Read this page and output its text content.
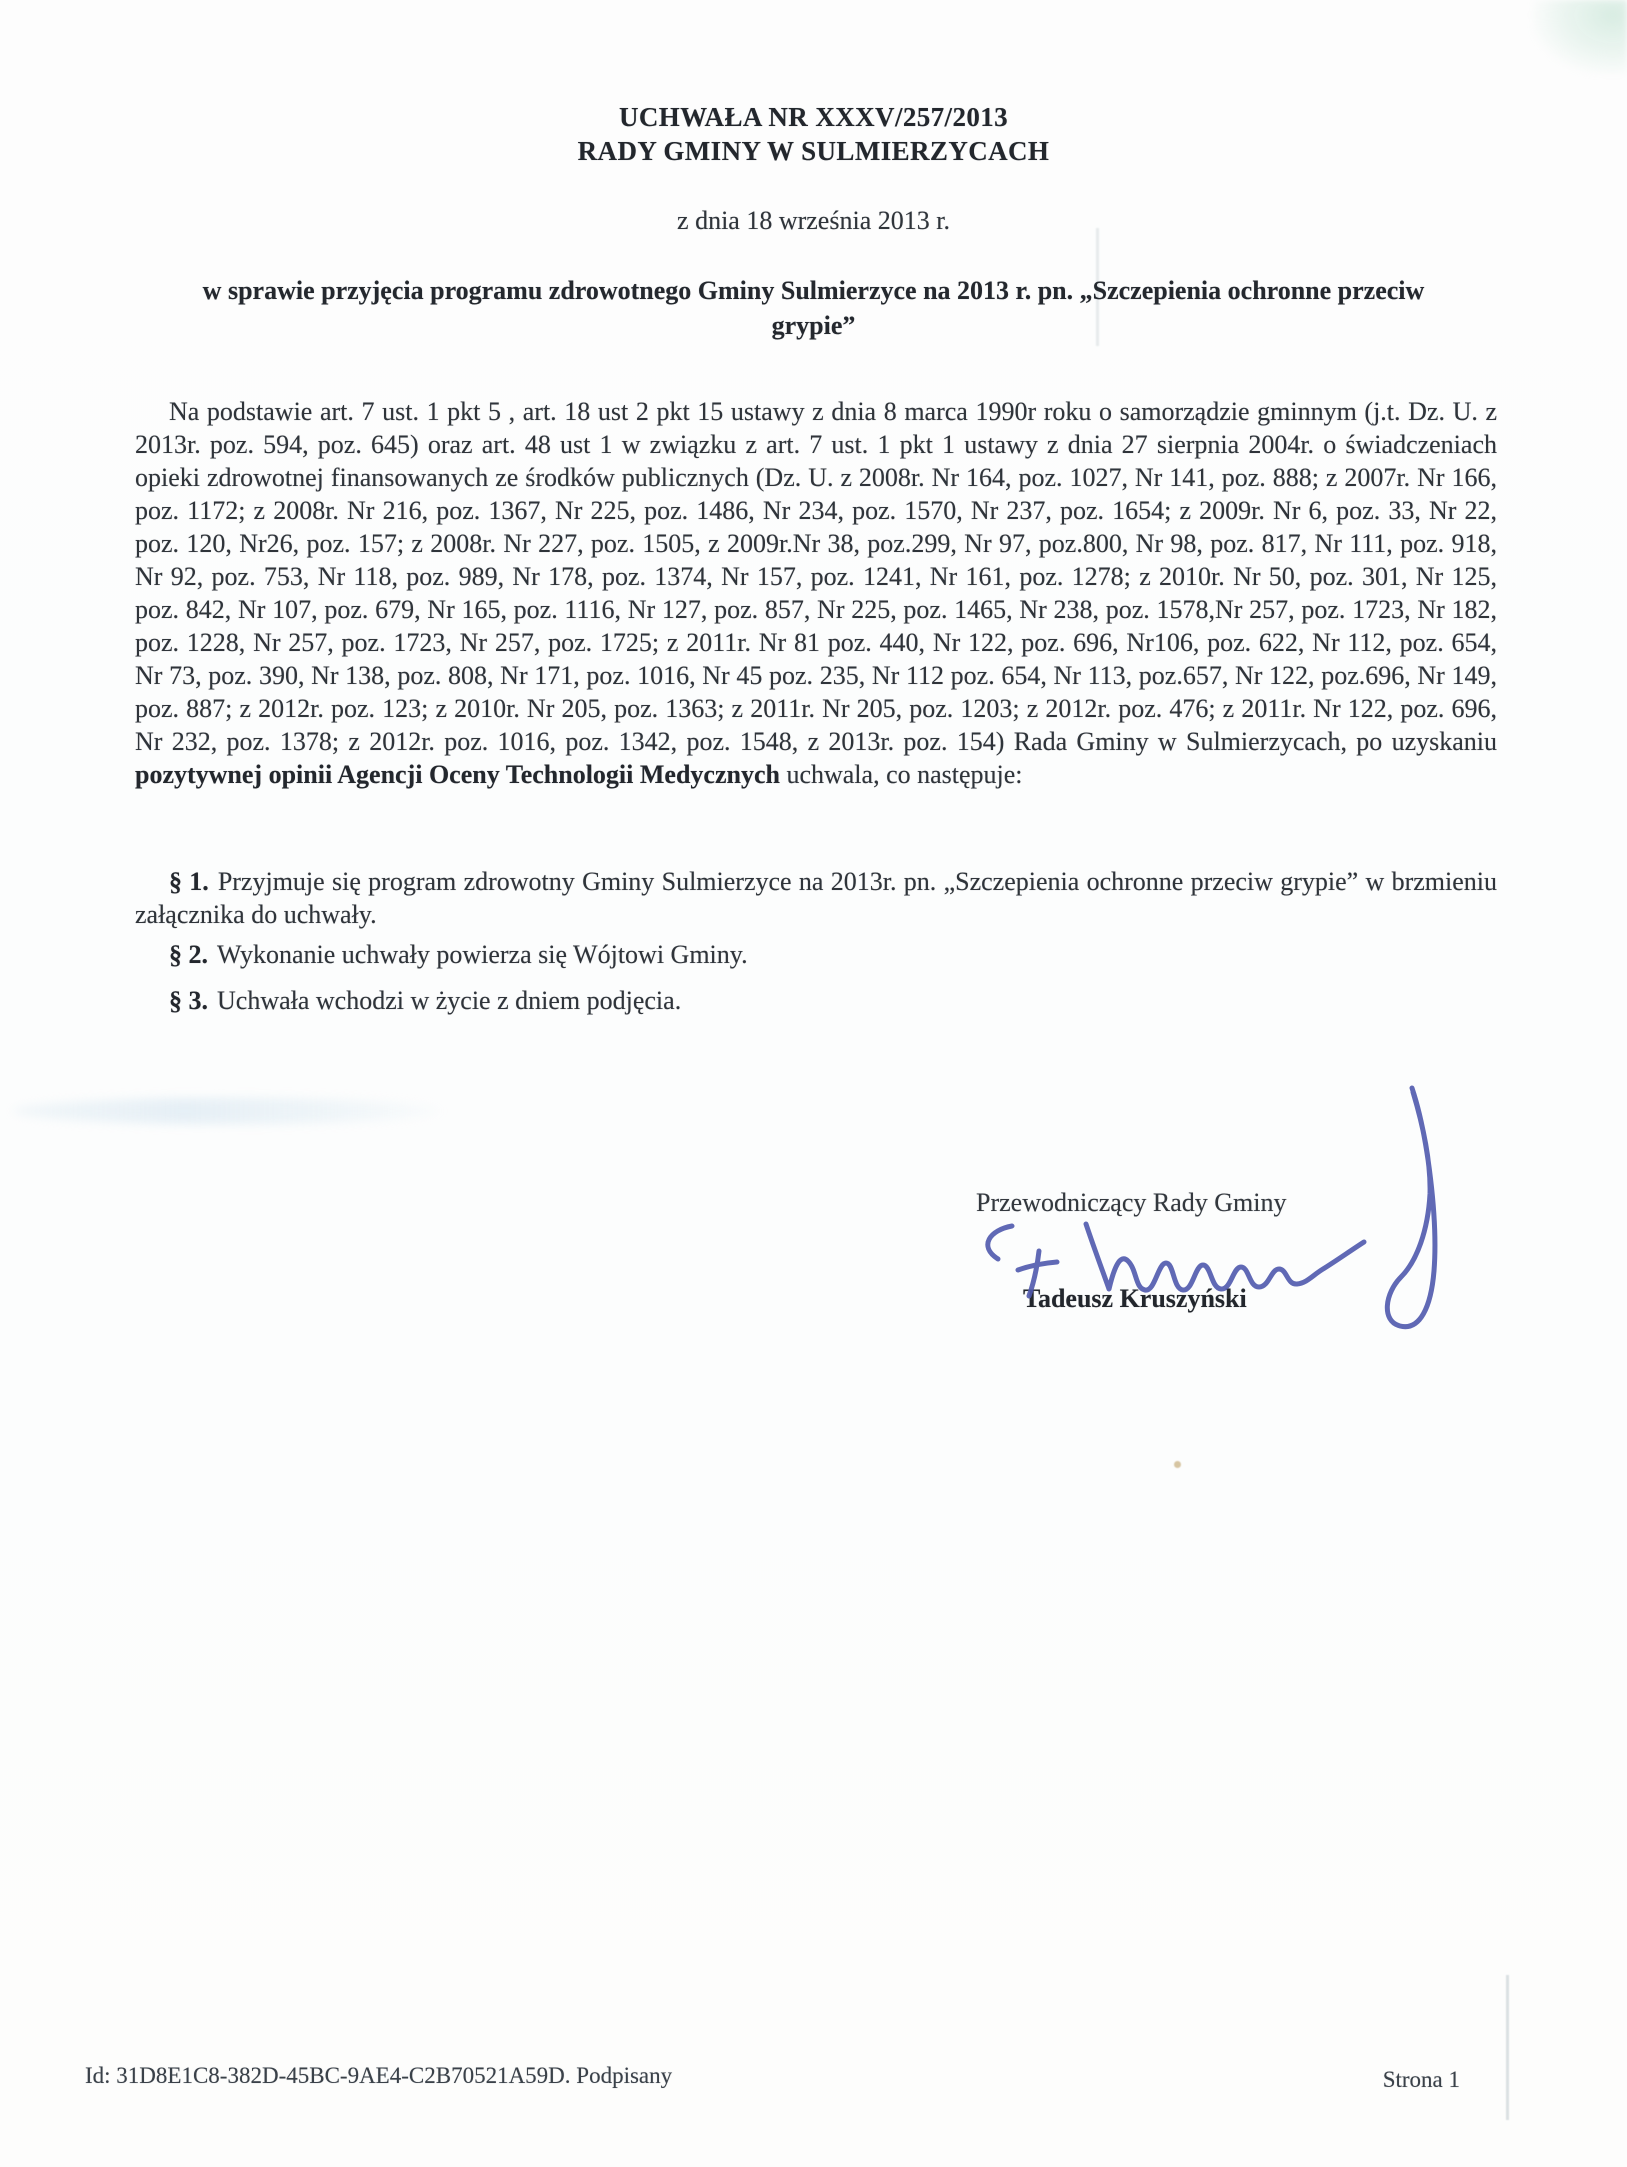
UCHWAŁA NR XXXV/257/2013
RADY GMINY W SULMIERZYCACH
z dnia 18 września 2013 r.
w sprawie przyjęcia programu zdrowotnego Gminy Sulmierzyce na 2013 r. pn. „Szczepienia ochronne przeciw grypie”

Na podstawie art. 7 ust. 1 pkt 5 , art. 18 ust 2 pkt 15 ustawy z dnia 8 marca 1990r roku o samorządzie gminnym (j.t. Dz. U. z 2013r. poz. 594, poz. 645) oraz art. 48 ust 1 w związku z art. 7 ust. 1 pkt 1 ustawy z dnia 27 sierpnia 2004r. o świadczeniach opieki zdrowotnej finansowanych ze środków publicznych (Dz. U. z 2008r. Nr 164, poz. 1027, Nr 141, poz. 888; z 2007r. Nr 166, poz. 1172; z 2008r. Nr 216, poz. 1367, Nr 225, poz. 1486, Nr 234, poz. 1570, Nr 237, poz. 1654; z 2009r. Nr 6, poz. 33, Nr 22, poz. 120, Nr26, poz. 157; z 2008r. Nr 227, poz. 1505, z 2009r.Nr 38, poz.299, Nr 97, poz.800, Nr 98, poz. 817, Nr 111, poz. 918, Nr 92, poz. 753, Nr 118, poz. 989, Nr 178, poz. 1374, Nr 157, poz. 1241, Nr 161, poz. 1278; z 2010r. Nr 50, poz. 301, Nr 125, poz. 842, Nr 107, poz. 679, Nr 165, poz. 1116, Nr 127, poz. 857, Nr 225, poz. 1465, Nr 238, poz. 1578,Nr 257, poz. 1723, Nr 182, poz. 1228, Nr 257, poz. 1723, Nr 257, poz. 1725; z 2011r. Nr 81 poz. 440, Nr 122, poz. 696, Nr106, poz. 622, Nr 112, poz. 654, Nr 73, poz. 390, Nr 138, poz. 808, Nr 171, poz. 1016, Nr 45 poz. 235, Nr 112 poz. 654, Nr 113, poz.657, Nr 122, poz.696, Nr 149, poz. 887; z 2012r. poz. 123; z 2010r. Nr 205, poz. 1363; z 2011r. Nr 205, poz. 1203; z 2012r. poz. 476; z 2011r. Nr 122, poz. 696, Nr 232, poz. 1378; z 2012r. poz. 1016, poz. 1342, poz. 1548, z 2013r. poz. 154) Rada Gminy w Sulmierzycach, po uzyskaniu pozytywnej opinii Agencji Oceny Technologii Medycznych uchwala, co następuje:

§ 1. Przyjmuje się program zdrowotny Gminy Sulmierzyce na 2013r. pn. „Szczepienia ochronne przeciw grypie” w brzmieniu załącznika do uchwały.

§ 2. Wykonanie uchwały powierza się Wójtowi Gminy.

§ 3. Uchwała wchodzi w życie z dniem podjęcia.

Przewodniczący Rady Gminy
Tadeusz Kruszyński
Id: 31D8E1C8-382D-45BC-9AE4-C2B70521A59D. Podpisany	Strona 1
